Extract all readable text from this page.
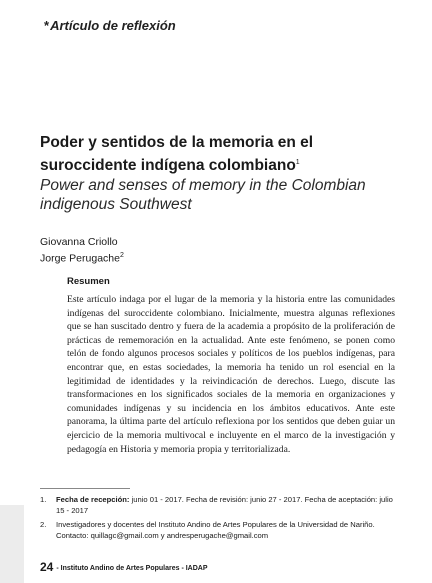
*Artículo de reflexión
Poder y sentidos de la memoria en el suroccidente indígena colombiano$^1$
Power and senses of memory in the Colombian indigenous Southwest
Giovanna Criollo
Jorge Perugache$^2$
Resumen
Este artículo indaga por el lugar de la memoria y la historia entre las comunidades indígenas del suroccidente colombiano. Inicialmente, muestra algunas reflexiones que se han suscitado dentro y fuera de la academia a propósito de la proliferación de prácticas de rememoración en la actualidad. Ante este fenómeno, se ponen como telón de fondo algunos procesos sociales y políticos de los pueblos indígenas, para encontrar que, en estas sociedades, la memoria ha tenido un rol esencial en la legitimidad de identidades y la reivindicación de derechos. Luego, discute las transformaciones en los significados sociales de la memoria en organizaciones y comunidades indígenas y su incidencia en los ámbitos educativos. Ante este panorama, la última parte del artículo reflexiona por los sentidos que deben guiar un ejercicio de la memoria multivocal e incluyente en el marco de la investigación y pedagogía en Historia y memoria propia y territorializada.
1.	Fecha de recepción: junio 01 - 2017. Fecha de revisión: junio 27 - 2017. Fecha de aceptación: julio 15 - 2017
2.	Investigadores y docentes del Instituto Andino de Artes Populares de la Universidad de Nariño. Contacto: quillagc@gmail.com y andresperugache@gmail.com
24 - Instituto Andino de Artes Populares - IADAP
